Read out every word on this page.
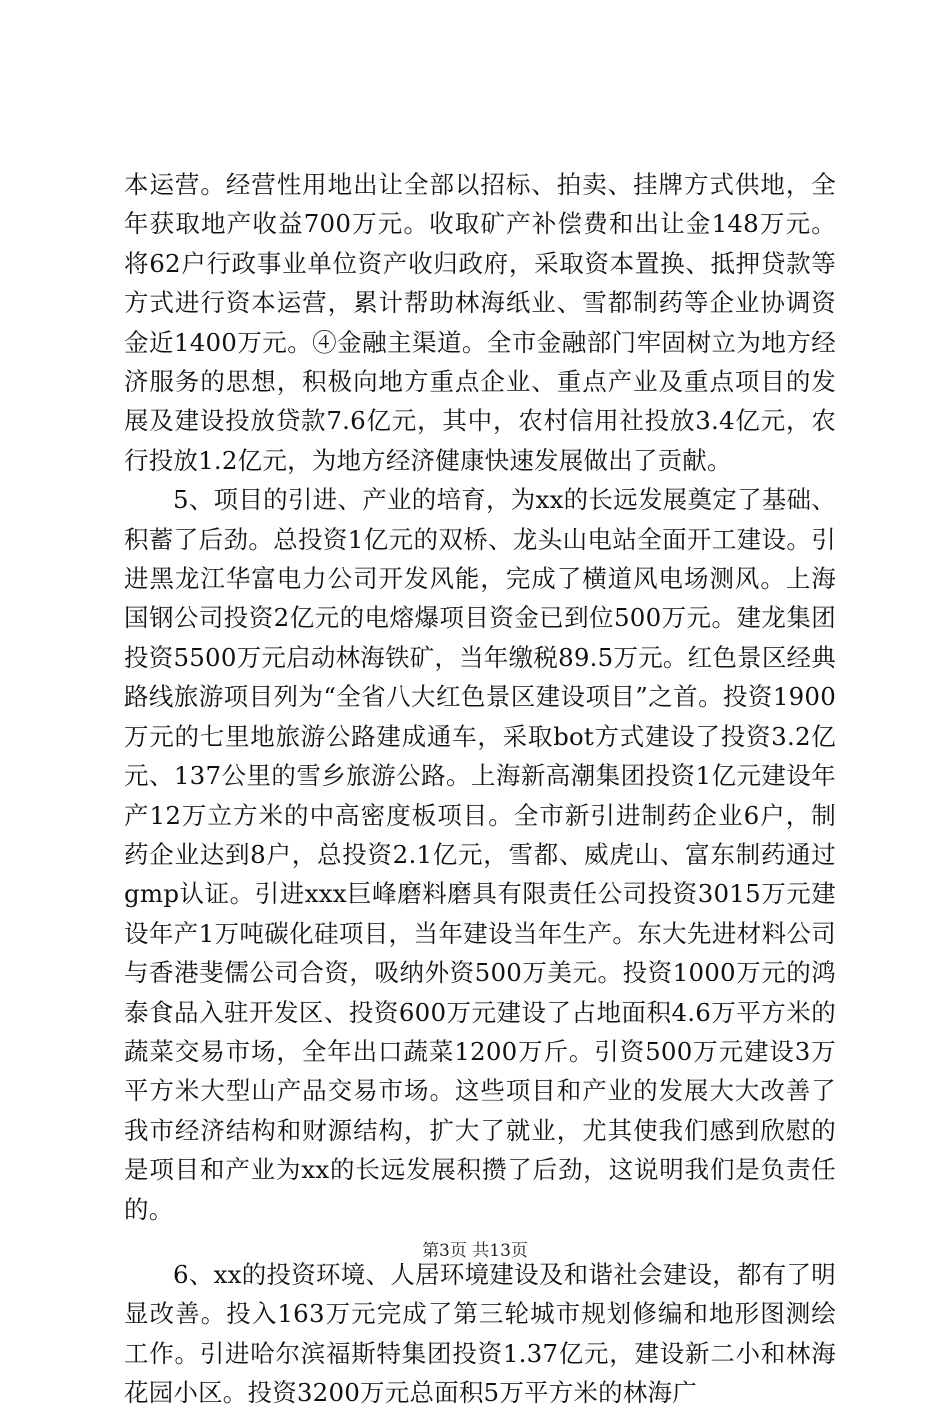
本运营。经营性用地出让全部以招标、拍卖、挂牌方式供地，全年获取地产收益700万元。收取矿产补偿费和出让金148万元。将62户行政事业单位资产收归政府，采取资本置换、抵押贷款等方式进行资本运营，累计帮助林海纸业、雪都制药等企业协调资金近1400万元。④金融主渠道。全市金融部门牢固树立为地方经济服务的思想，积极向地方重点企业、重点产业及重点项目的发展及建设投放贷款7.6亿元，其中，农村信用社投放3.4亿元，农行投放1.2亿元，为地方经济健康快速发展做出了贡献。

5、项目的引进、产业的培育，为xx的长远发展奠定了基础、积蓄了后劲。总投资1亿元的双桥、龙头山电站全面开工建设。引进黑龙江华富电力公司开发风能，完成了横道风电场测风。上海国钢公司投资2亿元的电熔爆项目资金已到位500万元。建龙集团投资5500万元启动林海铁矿，当年缴税89.5万元。红色景区经典路线旅游项目列为“全省八大红色景区建设项目”之首。投资1900万元的七里地旅游公路建成通车，采取bot方式建设了投资3.2亿元、137公里的雪乡旅游公路。上海新高潮集团投资1亿元建设年产12万立方米的中高密度板项目。全市新引进制药企业6户，制药企业达到8户，总投资2.1亿元，雪都、威虎山、富东制药通过gmp认证。引进xxx巨峰磨料磨具有限责任公司投资3015万元建设年产1万吨碳化硅项目，当年建设当年生产。东大先进材料公司与香港斐儒公司合资，吸纳外资500万美元。投资1000万元的鸿泰食品入驻开发区、投资600万元建设了占地面积4.6万平方米的蔬菜交易市场，全年出口蔬菜1200万斤。引资500万元建设3万平方米大型山产品交易市场。这些项目和产业的发展大大改善了我市经济结构和财源结构，扩大了就业，尤其使我们感到欣慰的是项目和产业为xx的长远发展积攒了后劲，这说明我们是负责任的。

6、xx的投资环境、人居环境建设及和谐社会建设，都有了明显改善。投入163万元完成了第三轮城市规划修编和地形图测绘工作。引进哈尔滨福斯特集团投资1.37亿元，建设新二小和林海花园小区。投资3200万元总面积5万平方米的林海广

第3页 共13页
